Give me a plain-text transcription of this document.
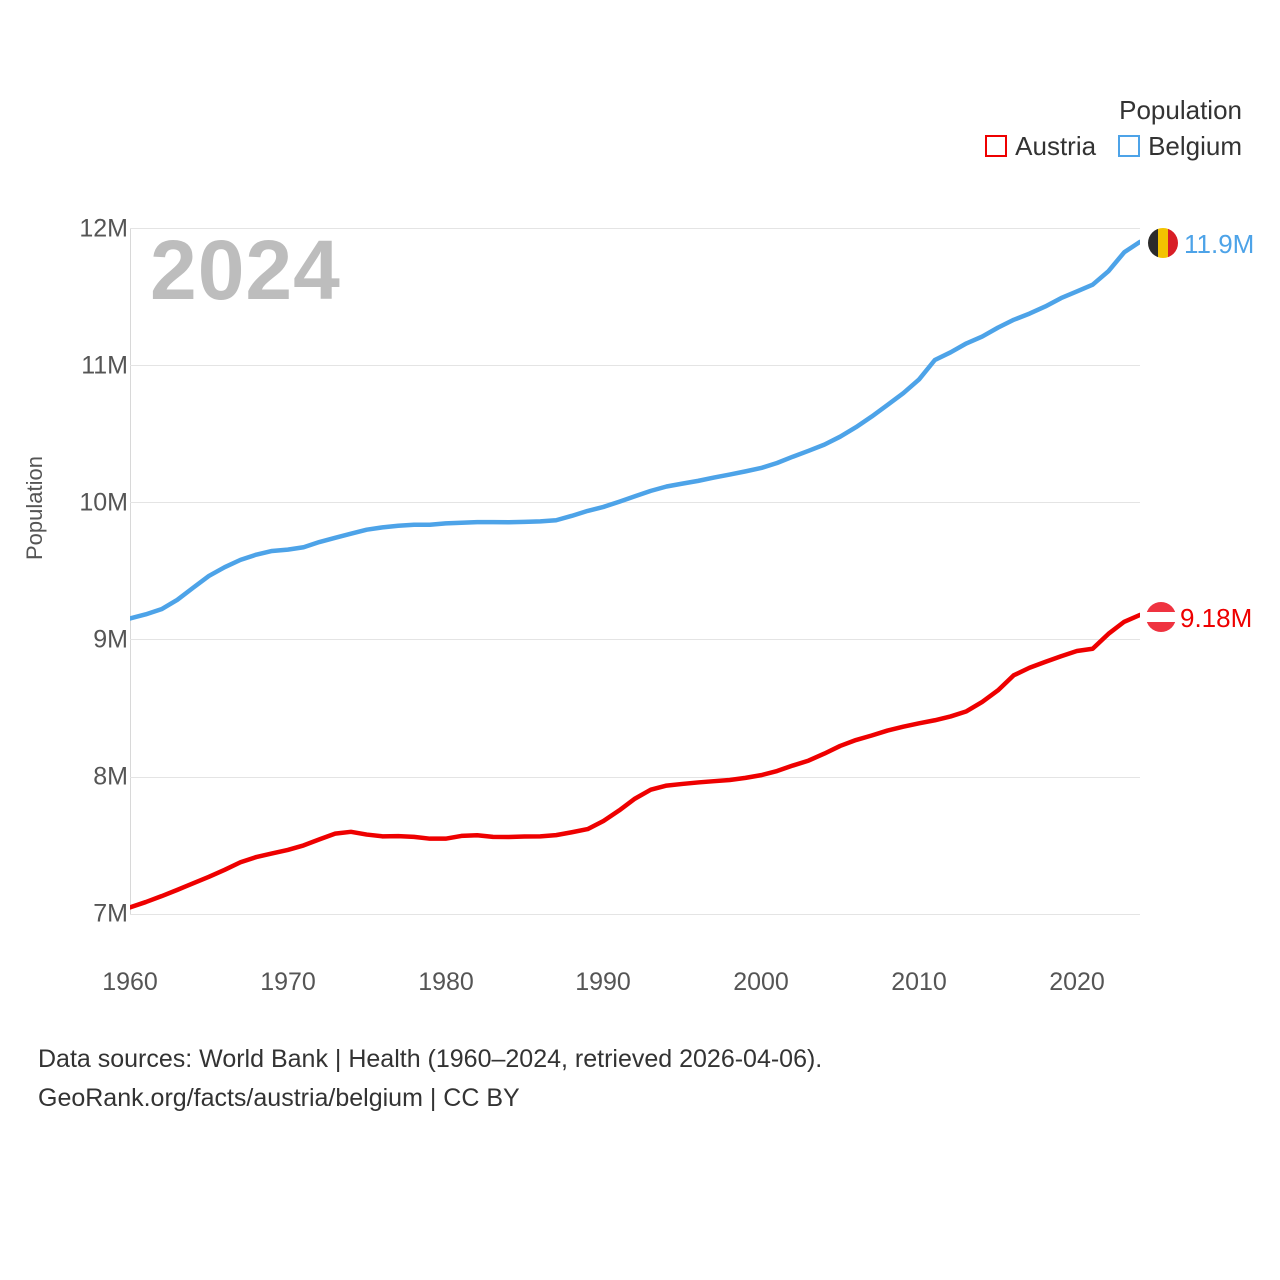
Population
Austria Belgium
Population
7M
8M
9M
10M
11M
12M
1960	1970	1980	1990	2000	2010	2020
2024	11.9M
9.18M
Data sources: World Bank | Health (1960–2024, retrieved 2026-04-06).
GeoRank.org/facts/austria/belgium | CC BY
